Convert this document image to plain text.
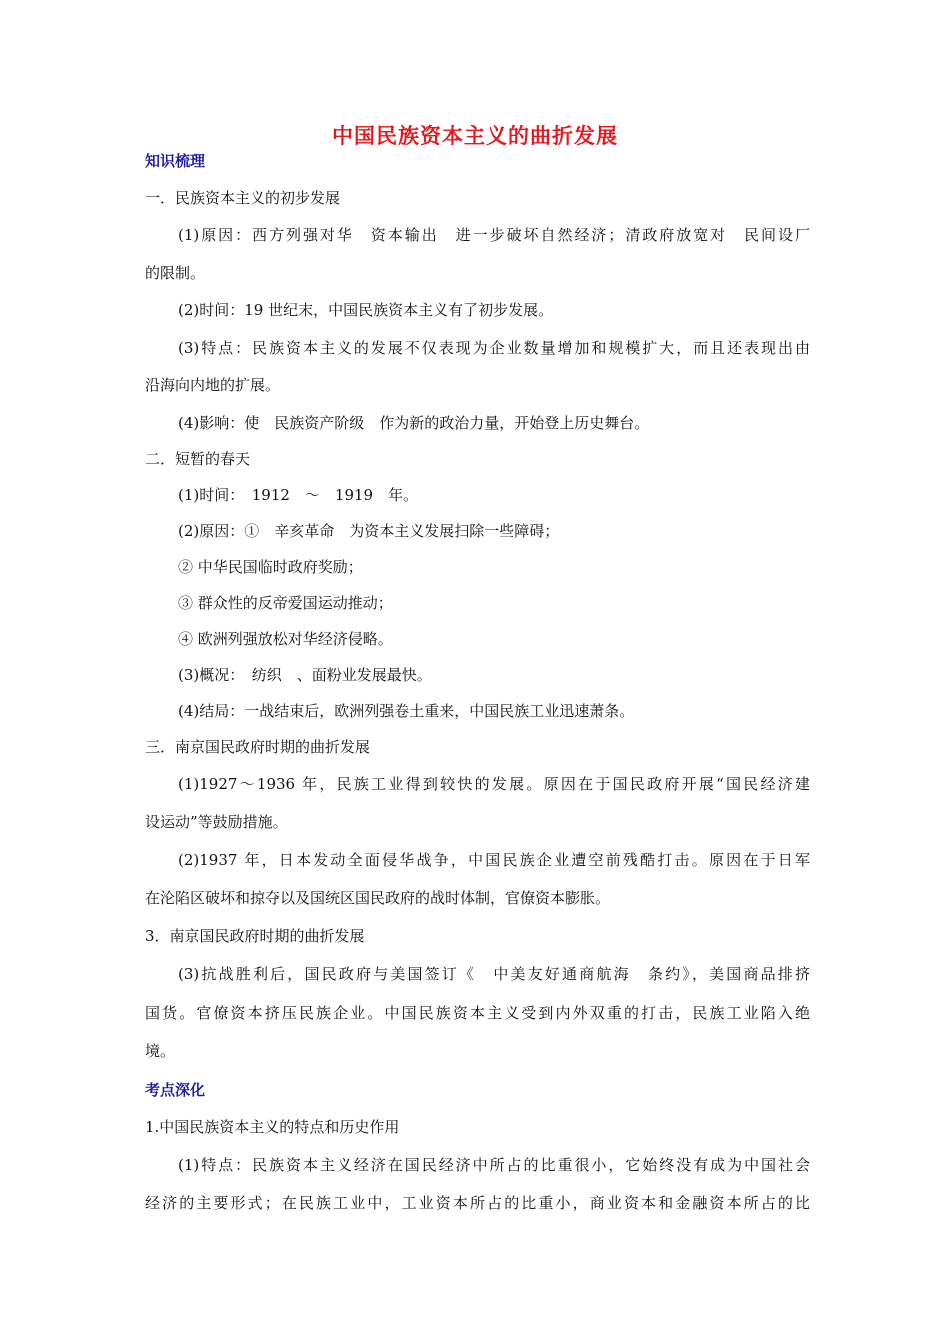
中国民族资本主义的曲折发展
知识梳理
一．民族资本主义的初步发展
(1)原因：西方列强对华　资本输出　进一步破坏自然经济；清政府放宽对　民间设厂
的限制。
(2)时间：19 世纪末，中国民族资本主义有了初步发展。
(3)特点：民族资本主义的发展不仅表现为企业数量增加和规模扩大，而且还表现出由
沿海向内地的扩展。
(4)影响：使　民族资产阶级　作为新的政治力量，开始登上历史舞台。
二．短暂的春天
(1)时间：　1912　～　1919　年。
(2)原因：①　辛亥革命　为资本主义发展扫除一些障碍；
② 中华民国临时政府奖励；
③ 群众性的反帝爱国运动推动；
④ 欧洲列强放松对华经济侵略。
(3)概况：　纺织　、面粉业发展最快。
(4)结局：一战结束后，欧洲列强卷土重来，中国民族工业迅速萧条。
三．南京国民政府时期的曲折发展
(1)1927～1936 年，民族工业得到较快的发展。原因在于国民政府开展“国民经济建
设运动”等鼓励措施。
(2)1937 年，日本发动全面侵华战争，中国民族企业遭空前残酷打击。原因在于日军
在沦陷区破坏和掠夺以及国统区国民政府的战时体制，官僚资本膨胀。
3．南京国民政府时期的曲折发展
(3)抗战胜利后，国民政府与美国签订《　中美友好通商航海　条约》，美国商品排挤
国货。官僚资本挤压民族企业。中国民族资本主义受到内外双重的打击，民族工业陷入绝
境。
考点深化
1.中国民族资本主义的特点和历史作用
(1)特点：民族资本主义经济在国民经济中所占的比重很小，它始终没有成为中国社会
经济的主要形式；在民族工业中，工业资本所占的比重小，商业资本和金融资本所占的比
